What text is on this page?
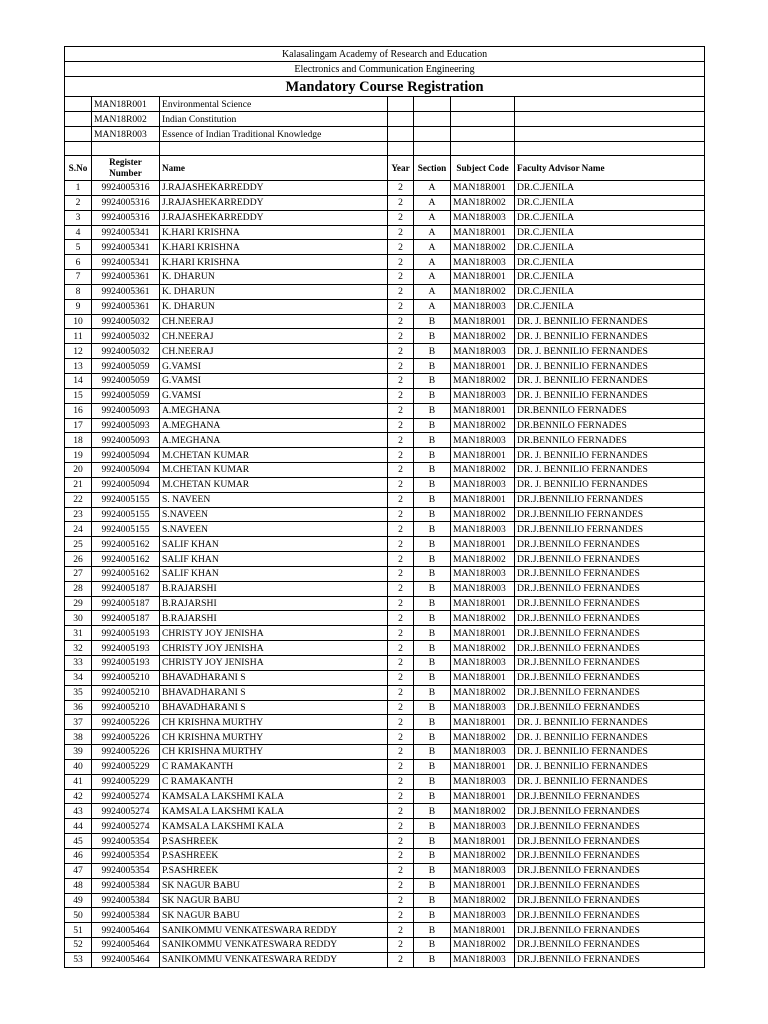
Kalasalingam Academy of Research and Education						
Electronics and Communication Engineering						
Mandatory Course Registration						
	MAN18R001	Environmental Science				
	MAN18R002	Indian Constitution				
	MAN18R003	Essence of Indian Traditional Knowledge				

S.No	Register Number	Name	Year	Section	Subject Code	Faculty Advisor Name
1	9924005316	J.RAJASHEKARREDDY	2	A	MAN18R001	DR.C.JENILA
2	9924005316	J.RAJASHEKARREDDY	2	A	MAN18R002	DR.C.JENILA
3	9924005316	J.RAJASHEKARREDDY	2	A	MAN18R003	DR.C.JENILA
4	9924005341	K.HARI KRISHNA	2	A	MAN18R001	DR.C.JENILA
5	9924005341	K.HARI KRISHNA	2	A	MAN18R002	DR.C.JENILA
6	9924005341	K.HARI KRISHNA	2	A	MAN18R003	DR.C.JENILA
7	9924005361	K. DHARUN	2	A	MAN18R001	DR.C.JENILA
8	9924005361	K. DHARUN	2	A	MAN18R002	DR.C.JENILA
9	9924005361	K. DHARUN	2	A	MAN18R003	DR.C.JENILA
10	9924005032	CH.NEERAJ	2	B	MAN18R001	DR. J. BENNILIO FERNANDES
11	9924005032	CH.NEERAJ	2	B	MAN18R002	DR. J. BENNILIO FERNANDES
12	9924005032	CH.NEERAJ	2	B	MAN18R003	DR. J. BENNILIO FERNANDES
13	9924005059	G.VAMSI	2	B	MAN18R001	DR. J. BENNILIO FERNANDES
14	9924005059	G.VAMSI	2	B	MAN18R002	DR. J. BENNILIO FERNANDES
15	9924005059	G.VAMSI	2	B	MAN18R003	DR. J. BENNILIO FERNANDES
16	9924005093	A.MEGHANA	2	B	MAN18R001	DR.BENNILO FERNADES
17	9924005093	A.MEGHANA	2	B	MAN18R002	DR.BENNILO FERNADES
18	9924005093	A.MEGHANA	2	B	MAN18R003	DR.BENNILO FERNADES
19	9924005094	M.CHETAN KUMAR	2	B	MAN18R001	DR. J. BENNILIO FERNANDES
20	9924005094	M.CHETAN KUMAR	2	B	MAN18R002	DR. J. BENNILIO FERNANDES
21	9924005094	M.CHETAN KUMAR	2	B	MAN18R003	DR. J. BENNILIO FERNANDES
22	9924005155	S. NAVEEN	2	B	MAN18R001	DR.J.BENNILIO FERNANDES
23	9924005155	S.NAVEEN	2	B	MAN18R002	DR.J.BENNILIO FERNANDES
24	9924005155	S.NAVEEN	2	B	MAN18R003	DR.J.BENNILIO FERNANDES
25	9924005162	SALIF KHAN	2	B	MAN18R001	DR.J.BENNILO FERNANDES
26	9924005162	SALIF KHAN	2	B	MAN18R002	DR.J.BENNILO FERNANDES
27	9924005162	SALIF KHAN	2	B	MAN18R003	DR.J.BENNILO FERNANDES
28	9924005187	B.RAJARSHI	2	B	MAN18R003	DR.J.BENNILO FERNANDES
29	9924005187	B.RAJARSHI	2	B	MAN18R001	DR.J.BENNILO FERNANDES
30	9924005187	B.RAJARSHI	2	B	MAN18R002	DR.J.BENNILO FERNANDES
31	9924005193	CHRISTY JOY JENISHA	2	B	MAN18R001	DR.J.BENNILO FERNANDES
32	9924005193	CHRISTY JOY JENISHA	2	B	MAN18R002	DR.J.BENNILO FERNANDES
33	9924005193	CHRISTY JOY JENISHA	2	B	MAN18R003	DR.J.BENNILO FERNANDES
34	9924005210	BHAVADHARANI S	2	B	MAN18R001	DR.J.BENNILO FERNANDES
35	9924005210	BHAVADHARANI S	2	B	MAN18R002	DR.J.BENNILO FERNANDES
36	9924005210	BHAVADHARANI S	2	B	MAN18R003	DR.J.BENNILO FERNANDES
37	9924005226	CH KRISHNA MURTHY	2	B	MAN18R001	DR. J. BENNILIO FERNANDES
38	9924005226	CH KRISHNA MURTHY	2	B	MAN18R002	DR. J. BENNILIO FERNANDES
39	9924005226	CH KRISHNA MURTHY	2	B	MAN18R003	DR. J. BENNILIO FERNANDES
40	9924005229	C RAMAKANTH	2	B	MAN18R001	DR. J. BENNILIO FERNANDES
41	9924005229	C RAMAKANTH	2	B	MAN18R003	DR. J. BENNILIO FERNANDES
42	9924005274	KAMSALA LAKSHMI KALA	2	B	MAN18R001	DR.J.BENNILO FERNANDES
43	9924005274	KAMSALA LAKSHMI KALA	2	B	MAN18R002	DR.J.BENNILO FERNANDES
44	9924005274	KAMSALA LAKSHMI KALA	2	B	MAN18R003	DR.J.BENNILO FERNANDES
45	9924005354	P.SASHREEK	2	B	MAN18R001	DR.J.BENNILO FERNANDES
46	9924005354	P.SASHREEK	2	B	MAN18R002	DR.J.BENNILO FERNANDES
47	9924005354	P.SASHREEK	2	B	MAN18R003	DR.J.BENNILO FERNANDES
48	9924005384	SK NAGUR BABU	2	B	MAN18R001	DR.J.BENNILO FERNANDES
49	9924005384	SK NAGUR BABU	2	B	MAN18R002	DR.J.BENNILO FERNANDES
50	9924005384	SK NAGUR BABU	2	B	MAN18R003	DR.J.BENNILO FERNANDES
51	9924005464	SANIKOMMU VENKATESWARA REDDY	2	B	MAN18R001	DR.J.BENNILO FERNANDES
52	9924005464	SANIKOMMU VENKATESWARA REDDY	2	B	MAN18R002	DR.J.BENNILO FERNANDES
53	9924005464	SANIKOMMU VENKATESWARA REDDY	2	B	MAN18R003	DR.J.BENNILO FERNANDES
